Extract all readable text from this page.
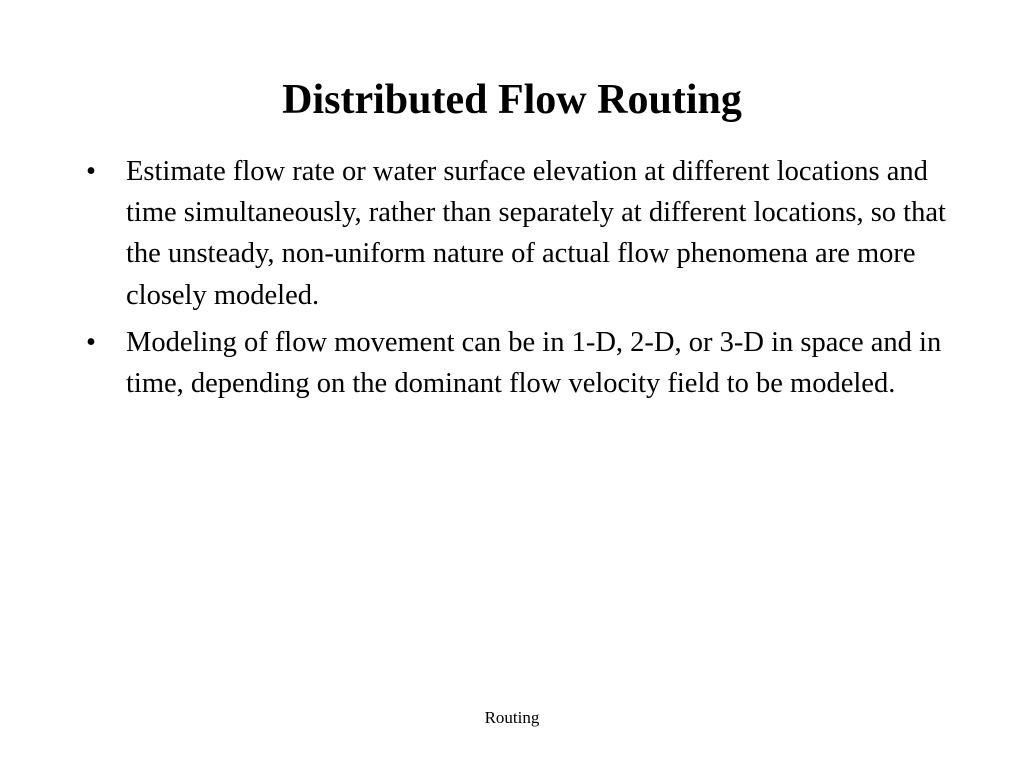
Distributed Flow Routing
• Estimate flow rate or water surface elevation at different locations and time simultaneously, rather than separately at different locations, so that the unsteady, non-uniform nature of actual flow phenomena are more closely modeled.
• Modeling of flow movement can be in 1-D, 2-D, or 3-D in space and in time, depending on the dominant flow velocity field to be modeled.
Routing
